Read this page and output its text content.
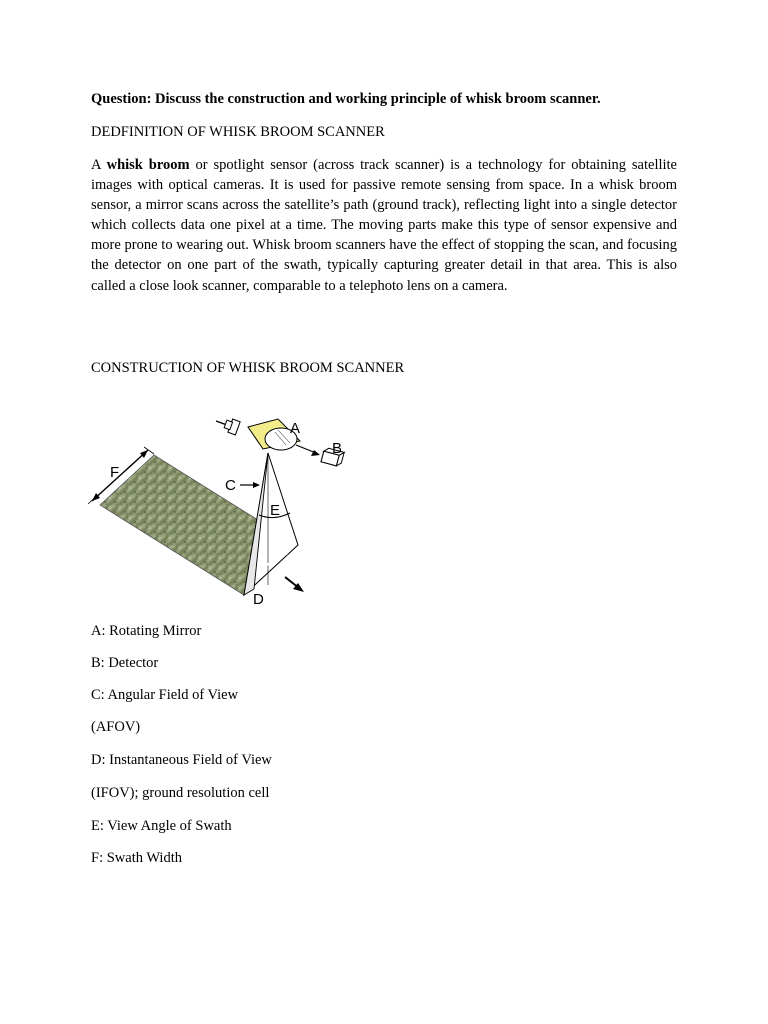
Question: Discuss the construction and working principle of whisk broom scanner.
DEDFINITION OF WHISK BROOM SCANNER
A whisk broom or spotlight sensor (across track scanner) is a technology for obtaining satellite images with optical cameras. It is used for passive remote sensing from space. In a whisk broom sensor, a mirror scans across the satellite’s path (ground track), reflecting light into a single detector which collects data one pixel at a time. The moving parts make this type of sensor expensive and more prone to wearing out. Whisk broom scanners have the effect of stopping the scan, and focusing the detector on one part of the swath, typically capturing greater detail in that area. This is also called a close look scanner, comparable to a telephoto lens on a camera.
CONSTRUCTION OF WHISK BROOM SCANNER
A
B
C
D
E
F
A: Rotating Mirror
B: Detector
C: Angular Field of View
(AFOV)
D: Instantaneous Field of View
(IFOV); ground resolution cell
E: View Angle of Swath
F: Swath Width
